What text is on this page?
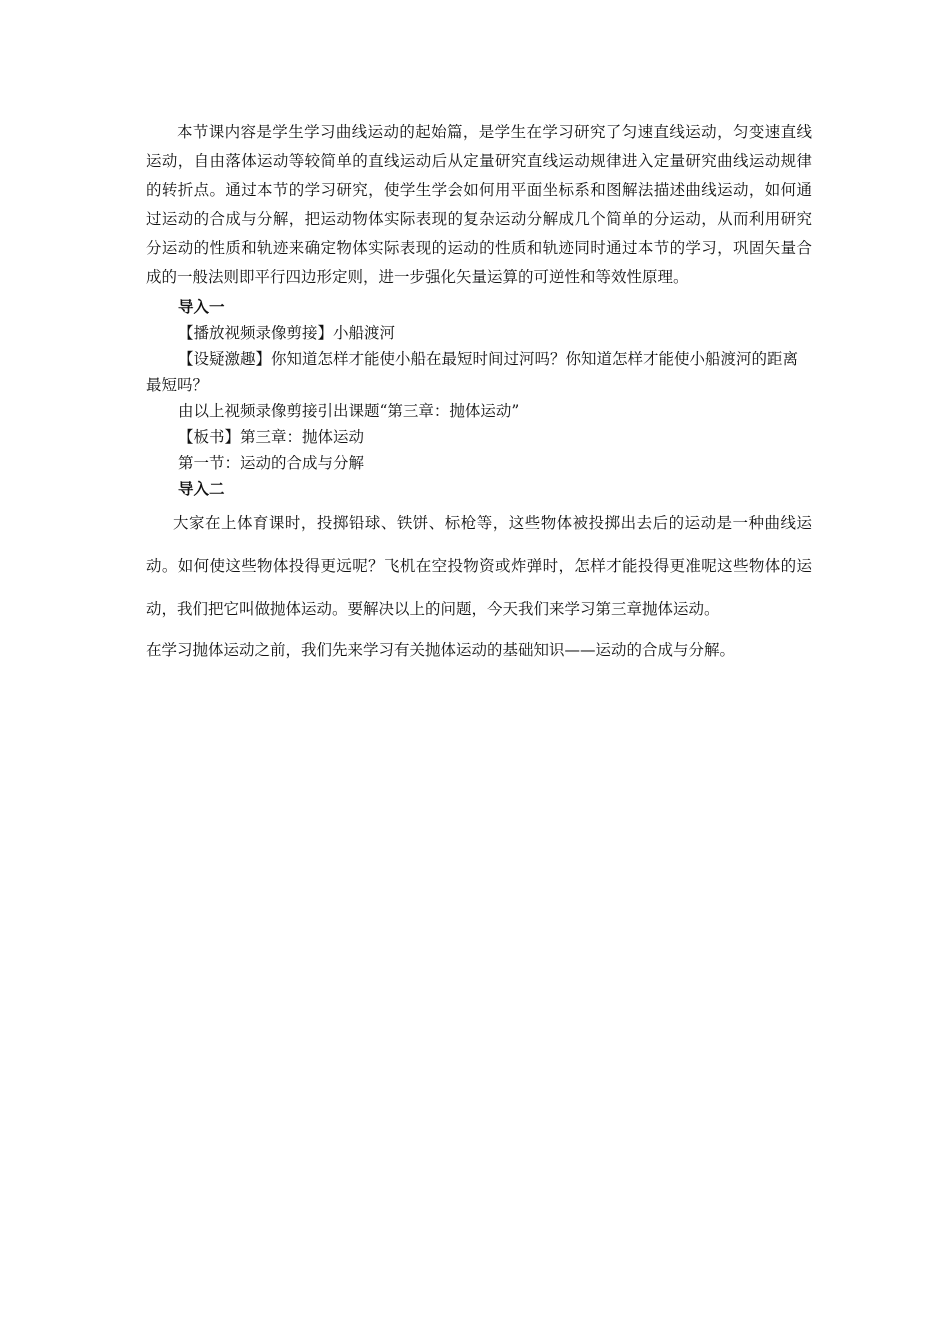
本节课内容是学生学习曲线运动的起始篇，是学生在学习研究了匀速直线运动，匀变速直线运动，自由落体运动等较简单的直线运动后从定量研究直线运动规律进入定量研究曲线运动规律的转折点。通过本节的学习研究，使学生学会如何用平面坐标系和图解法描述曲线运动，如何通过运动的合成与分解，把运动物体实际表现的复杂运动分解成几个简单的分运动，从而利用研究分运动的性质和轨迹来确定物体实际表现的运动的性质和轨迹同时通过本节的学习，巩固矢量合成的一般法则即平行四边形定则，进一步强化矢量运算的可逆性和等效性原理。

导入一

【播放视频录像剪接】小船渡河

【设疑激趣】你知道怎样才能使小船在最短时间过河吗？你知道怎样才能使小船渡河的距离最短吗？

由以上视频录像剪接引出课题“第三章：抛体运动”

【板书】第三章：抛体运动

第一节：运动的合成与分解

导入二

大家在上体育课时，投掷铅球、铁饼、标枪等，这些物体被投掷出去后的运动是一种曲线运动。如何使这些物体投得更远呢？飞机在空投物资或炸弹时，怎样才能投得更准呢这些物体的运动，我们把它叫做抛体运动。要解决以上的问题，今天我们来学习第三章抛体运动。

在学习抛体运动之前，我们先来学习有关抛体运动的基础知识——运动的合成与分解。
